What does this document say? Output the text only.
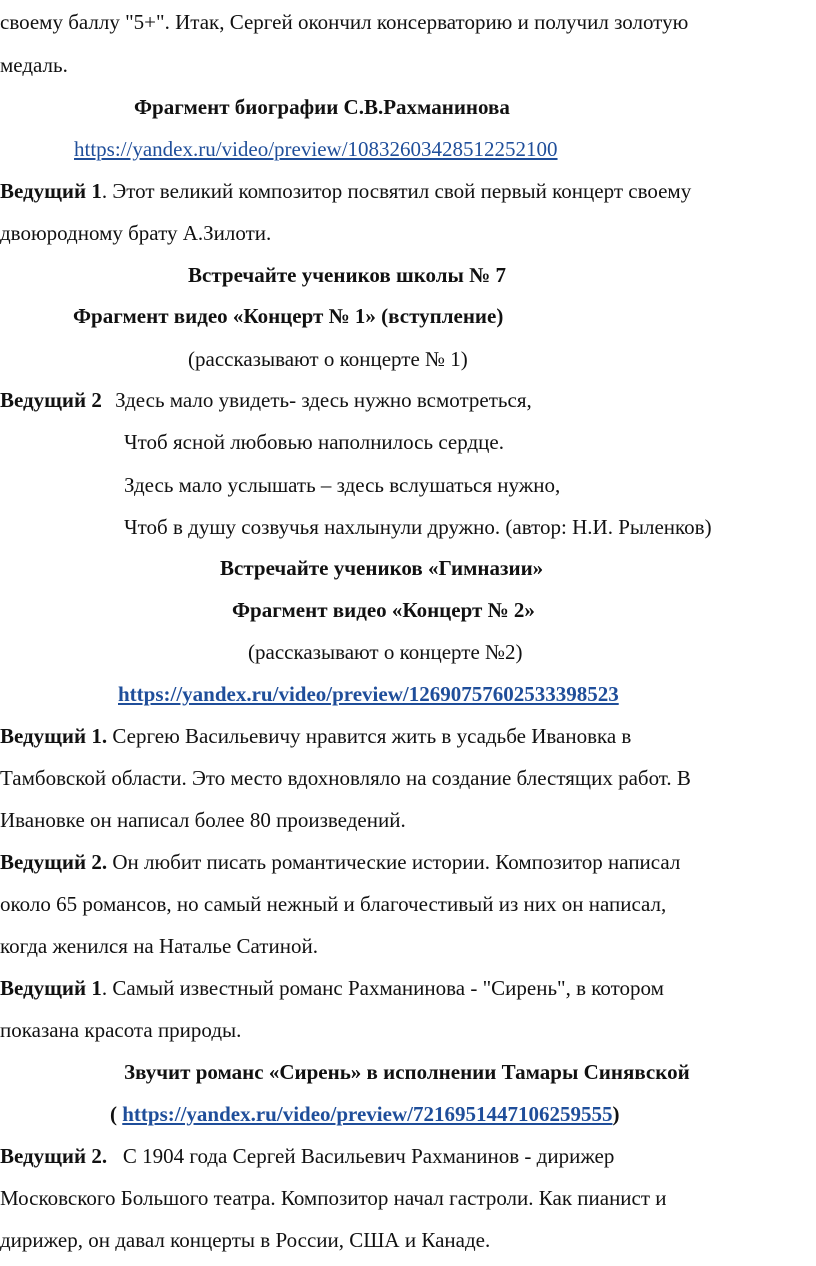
своему баллу "5+". Итак, Сергей окончил консерваторию и получил золотую
медаль.
Фрагмент биографии С.В.Рахманинова
https://yandex.ru/video/preview/10832603428512252100
Ведущий 1. Этот великий композитор посвятил свой первый концерт своему
двоюродному брату А.Зилоти.
Встречайте учеников школы № 7
Фрагмент видео «Концерт № 1» (вступление)
(рассказывают о концерте № 1)
Ведущий 2 Здесь мало увидеть- здесь нужно всмотреться,
Чтоб ясной любовью наполнилось сердце.
Здесь мало услышать – здесь вслушаться нужно,
Чтоб в душу созвучья нахлынули дружно. (автор: Н.И. Рыленков)
Встречайте учеников «Гимназии»
Фрагмент видео «Концерт № 2»
(рассказывают о концерте №2)
https://yandex.ru/video/preview/12690757602533398523
Ведущий 1. Сергею Васильевичу нравится жить в усадьбе Ивановка в
Тамбовской области. Это место вдохновляло на создание блестящих работ. В
Ивановке он написал более 80 произведений.
Ведущий 2. Он любит писать романтические истории. Композитор написал
около 65 романсов, но самый нежный и благочестивый из них он написал,
когда женился на Наталье Сатиной.
Ведущий 1. Самый известный романс Рахманинова - "Сирень", в котором
показана красота природы.
Звучит романс «Сирень» в исполнении Тамары Синявской
( https://yandex.ru/video/preview/7216951447106259555)
Ведущий 2.   С 1904 года Сергей Васильевич Рахманинов - дирижер
Московского Большого театра. Композитор начал гастроли. Как пианист и
дирижер, он давал концерты в России, США и Канаде.
